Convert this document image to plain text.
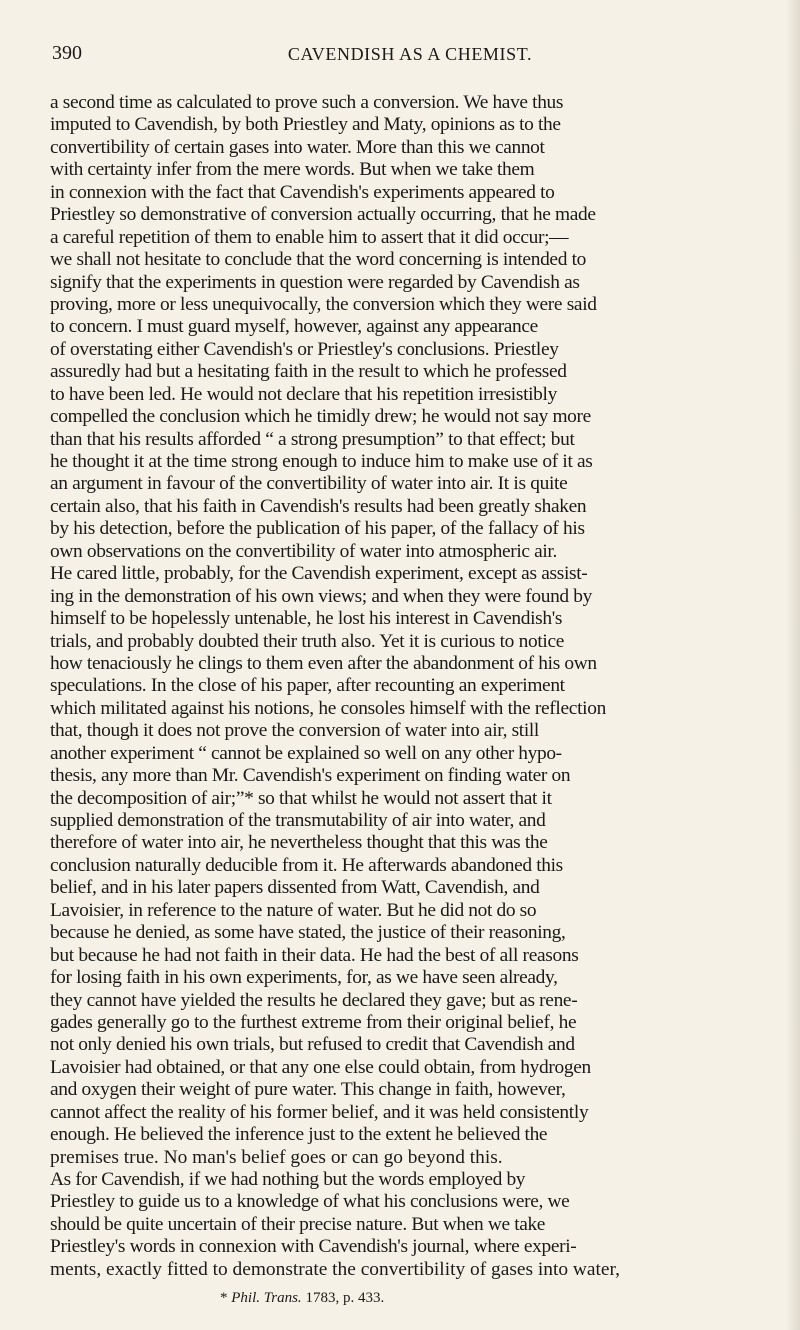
390	CAVENDISH AS A CHEMIST.
a second time as calculated to prove such a conversion. We have thus
imputed to Cavendish, by both Priestley and Maty, opinions as to the
convertibility of certain gases into water. More than this we cannot
with certainty infer from the mere words. But when we take them
in connexion with the fact that Cavendish's experiments appeared to
Priestley so demonstrative of conversion actually occurring, that he made
a careful repetition of them to enable him to assert that it did occur;—
we shall not hesitate to conclude that the word concerning is intended to
signify that the experiments in question were regarded by Cavendish as
proving, more or less unequivocally, the conversion which they were said
to concern. I must guard myself, however, against any appearance
of overstating either Cavendish's or Priestley's conclusions. Priestley
assuredly had but a hesitating faith in the result to which he professed
to have been led. He would not declare that his repetition irresistibly
compelled the conclusion which he timidly drew; he would not say more
than that his results afforded “ a strong presumption” to that effect; but
he thought it at the time strong enough to induce him to make use of it as
an argument in favour of the convertibility of water into air. It is quite
certain also, that his faith in Cavendish's results had been greatly shaken
by his detection, before the publication of his paper, of the fallacy of his
own observations on the convertibility of water into atmospheric air.
He cared little, probably, for the Cavendish experiment, except as assist-
ing in the demonstration of his own views; and when they were found by
himself to be hopelessly untenable, he lost his interest in Cavendish's
trials, and probably doubted their truth also. Yet it is curious to notice
how tenaciously he clings to them even after the abandonment of his own
speculations. In the close of his paper, after recounting an experiment
which militated against his notions, he consoles himself with the reflection
that, though it does not prove the conversion of water into air, still
another experiment “ cannot be explained so well on any other hypo-
thesis, any more than Mr. Cavendish's experiment on finding water on
the decomposition of air;”* so that whilst he would not assert that it
supplied demonstration of the transmutability of air into water, and
therefore of water into air, he nevertheless thought that this was the
conclusion naturally deducible from it. He afterwards abandoned this
belief, and in his later papers dissented from Watt, Cavendish, and
Lavoisier, in reference to the nature of water. But he did not do so
because he denied, as some have stated, the justice of their reasoning,
but because he had not faith in their data. He had the best of all reasons
for losing faith in his own experiments, for, as we have seen already,
they cannot have yielded the results he declared they gave; but as rene-
gades generally go to the furthest extreme from their original belief, he
not only denied his own trials, but refused to credit that Cavendish and
Lavoisier had obtained, or that any one else could obtain, from hydrogen
and oxygen their weight of pure water. This change in faith, however,
cannot affect the reality of his former belief, and it was held consistently
enough. He believed the inference just to the extent he believed the
premises true. No man's belief goes or can go beyond this.
As for Cavendish, if we had nothing but the words employed by
Priestley to guide us to a knowledge of what his conclusions were, we
should be quite uncertain of their precise nature. But when we take
Priestley's words in connexion with Cavendish's journal, where experi-
ments, exactly fitted to demonstrate the convertibility of gases into water,
* Phil. Trans. 1783, p. 433.
